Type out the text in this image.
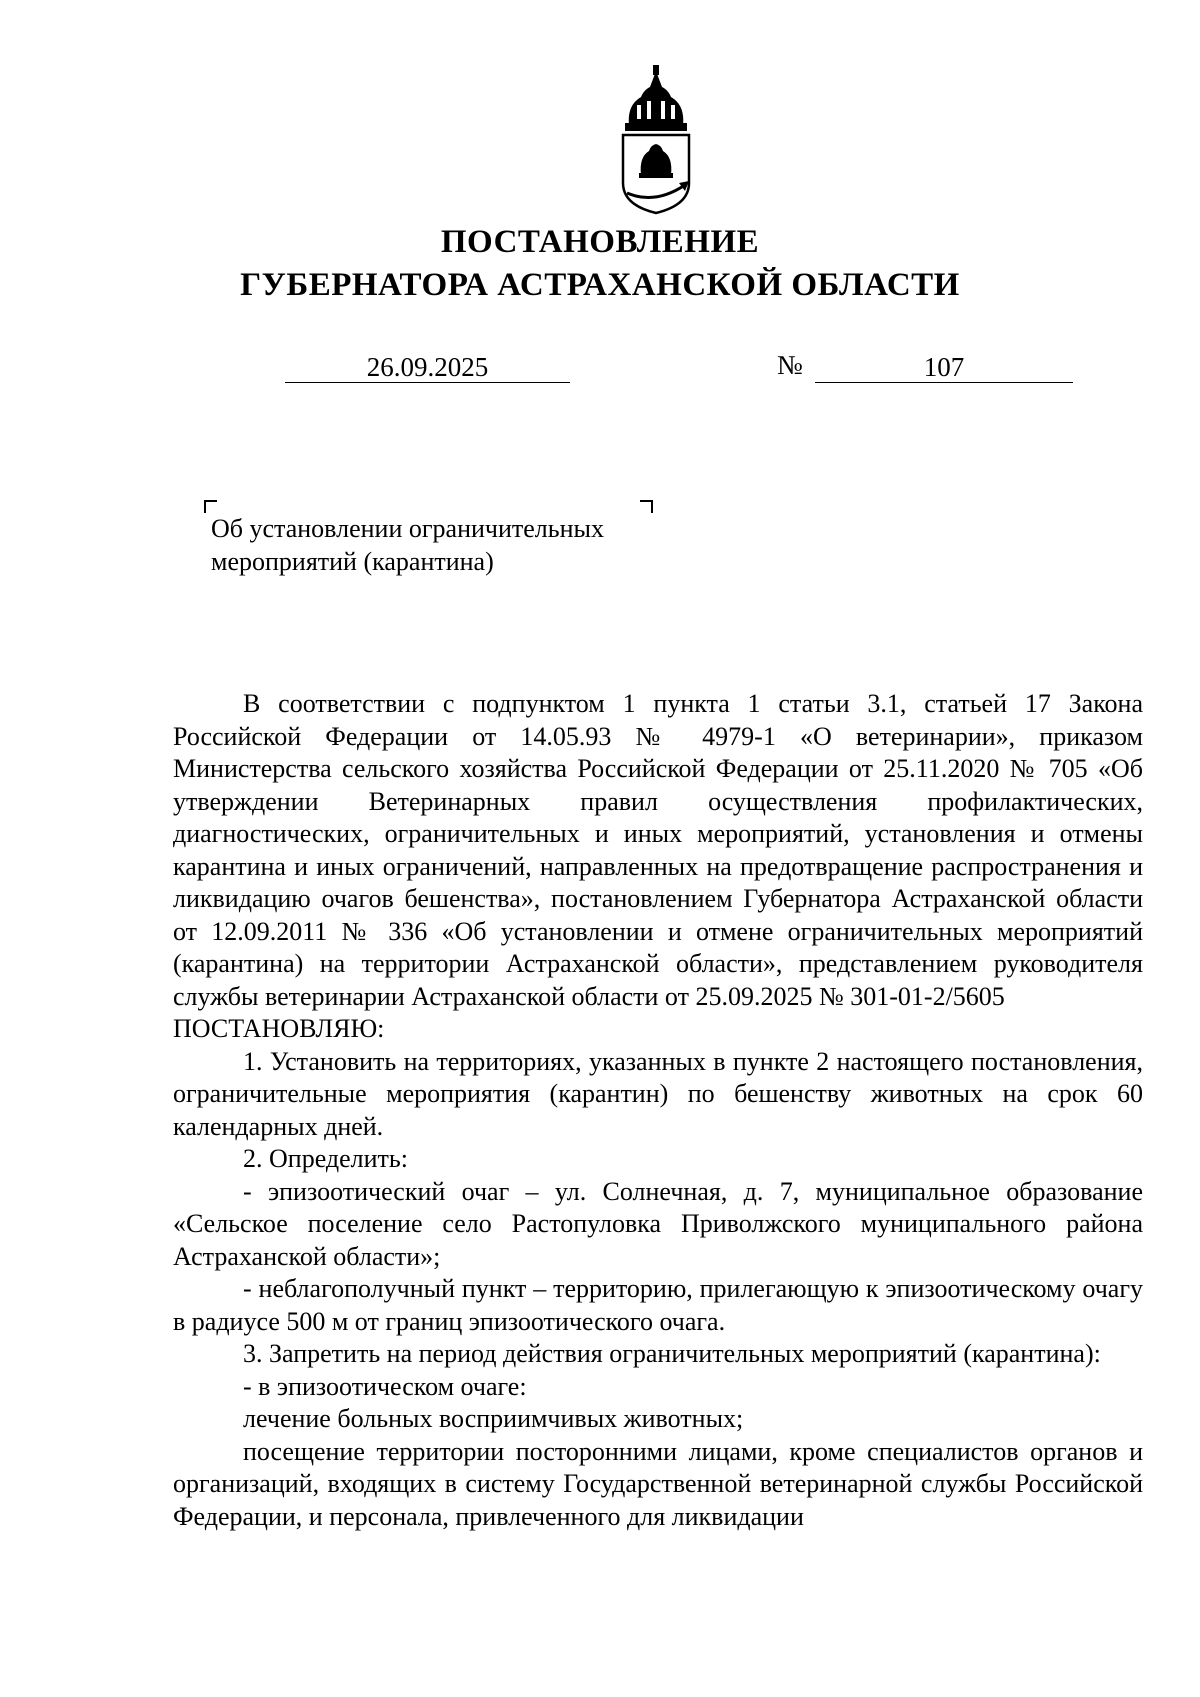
ПОСТАНОВЛЕНИЕ
ГУБЕРНАТОРА АСТРАХАНСКОЙ ОБЛАСТИ
26.09.2025	№	107
Об установлении ограничительных
мероприятий (карантина)

В соответствии с подпунктом 1 пункта 1 статьи 3.1, статьей 17 Закона Российской Федерации от 14.05.93 № 4979-1 «О ветеринарии», приказом Министерства сельского хозяйства Российской Федерации от 25.11.2020 № 705 «Об утверждении Ветеринарных правил осуществления профилактических, диагностических, ограничительных и иных мероприятий, установления и отмены карантина и иных ограничений, направленных на предотвращение распространения и ликвидацию очагов бешенства», постановлением Губернатора Астраханской области от 12.09.2011 № 336 «Об установлении и отмене ограничительных мероприятий (карантина) на территории Астраханской области», представлением руководителя службы ветеринарии Астраханской области от 25.09.2025 № 301-01-2/5605

ПОСТАНОВЛЯЮ:

1. Установить на территориях, указанных в пункте 2 настоящего постановления, ограничительные мероприятия (карантин) по бешенству животных на срок 60 календарных дней.

2. Определить:

- эпизоотический очаг – ул. Солнечная, д. 7, муниципальное образование «Сельское поселение село Растопуловка Приволжского муниципального района Астраханской области»;

- неблагополучный пункт – территорию, прилегающую к эпизоотическому очагу в радиусе 500 м от границ эпизоотического очага.

3. Запретить на период действия ограничительных мероприятий (карантина):

- в эпизоотическом очаге:

лечение больных восприимчивых животных;

посещение территории посторонними лицами, кроме специалистов органов и организаций, входящих в систему Государственной ветеринарной службы Российской Федерации, и персонала, привлеченного для ликвидации
